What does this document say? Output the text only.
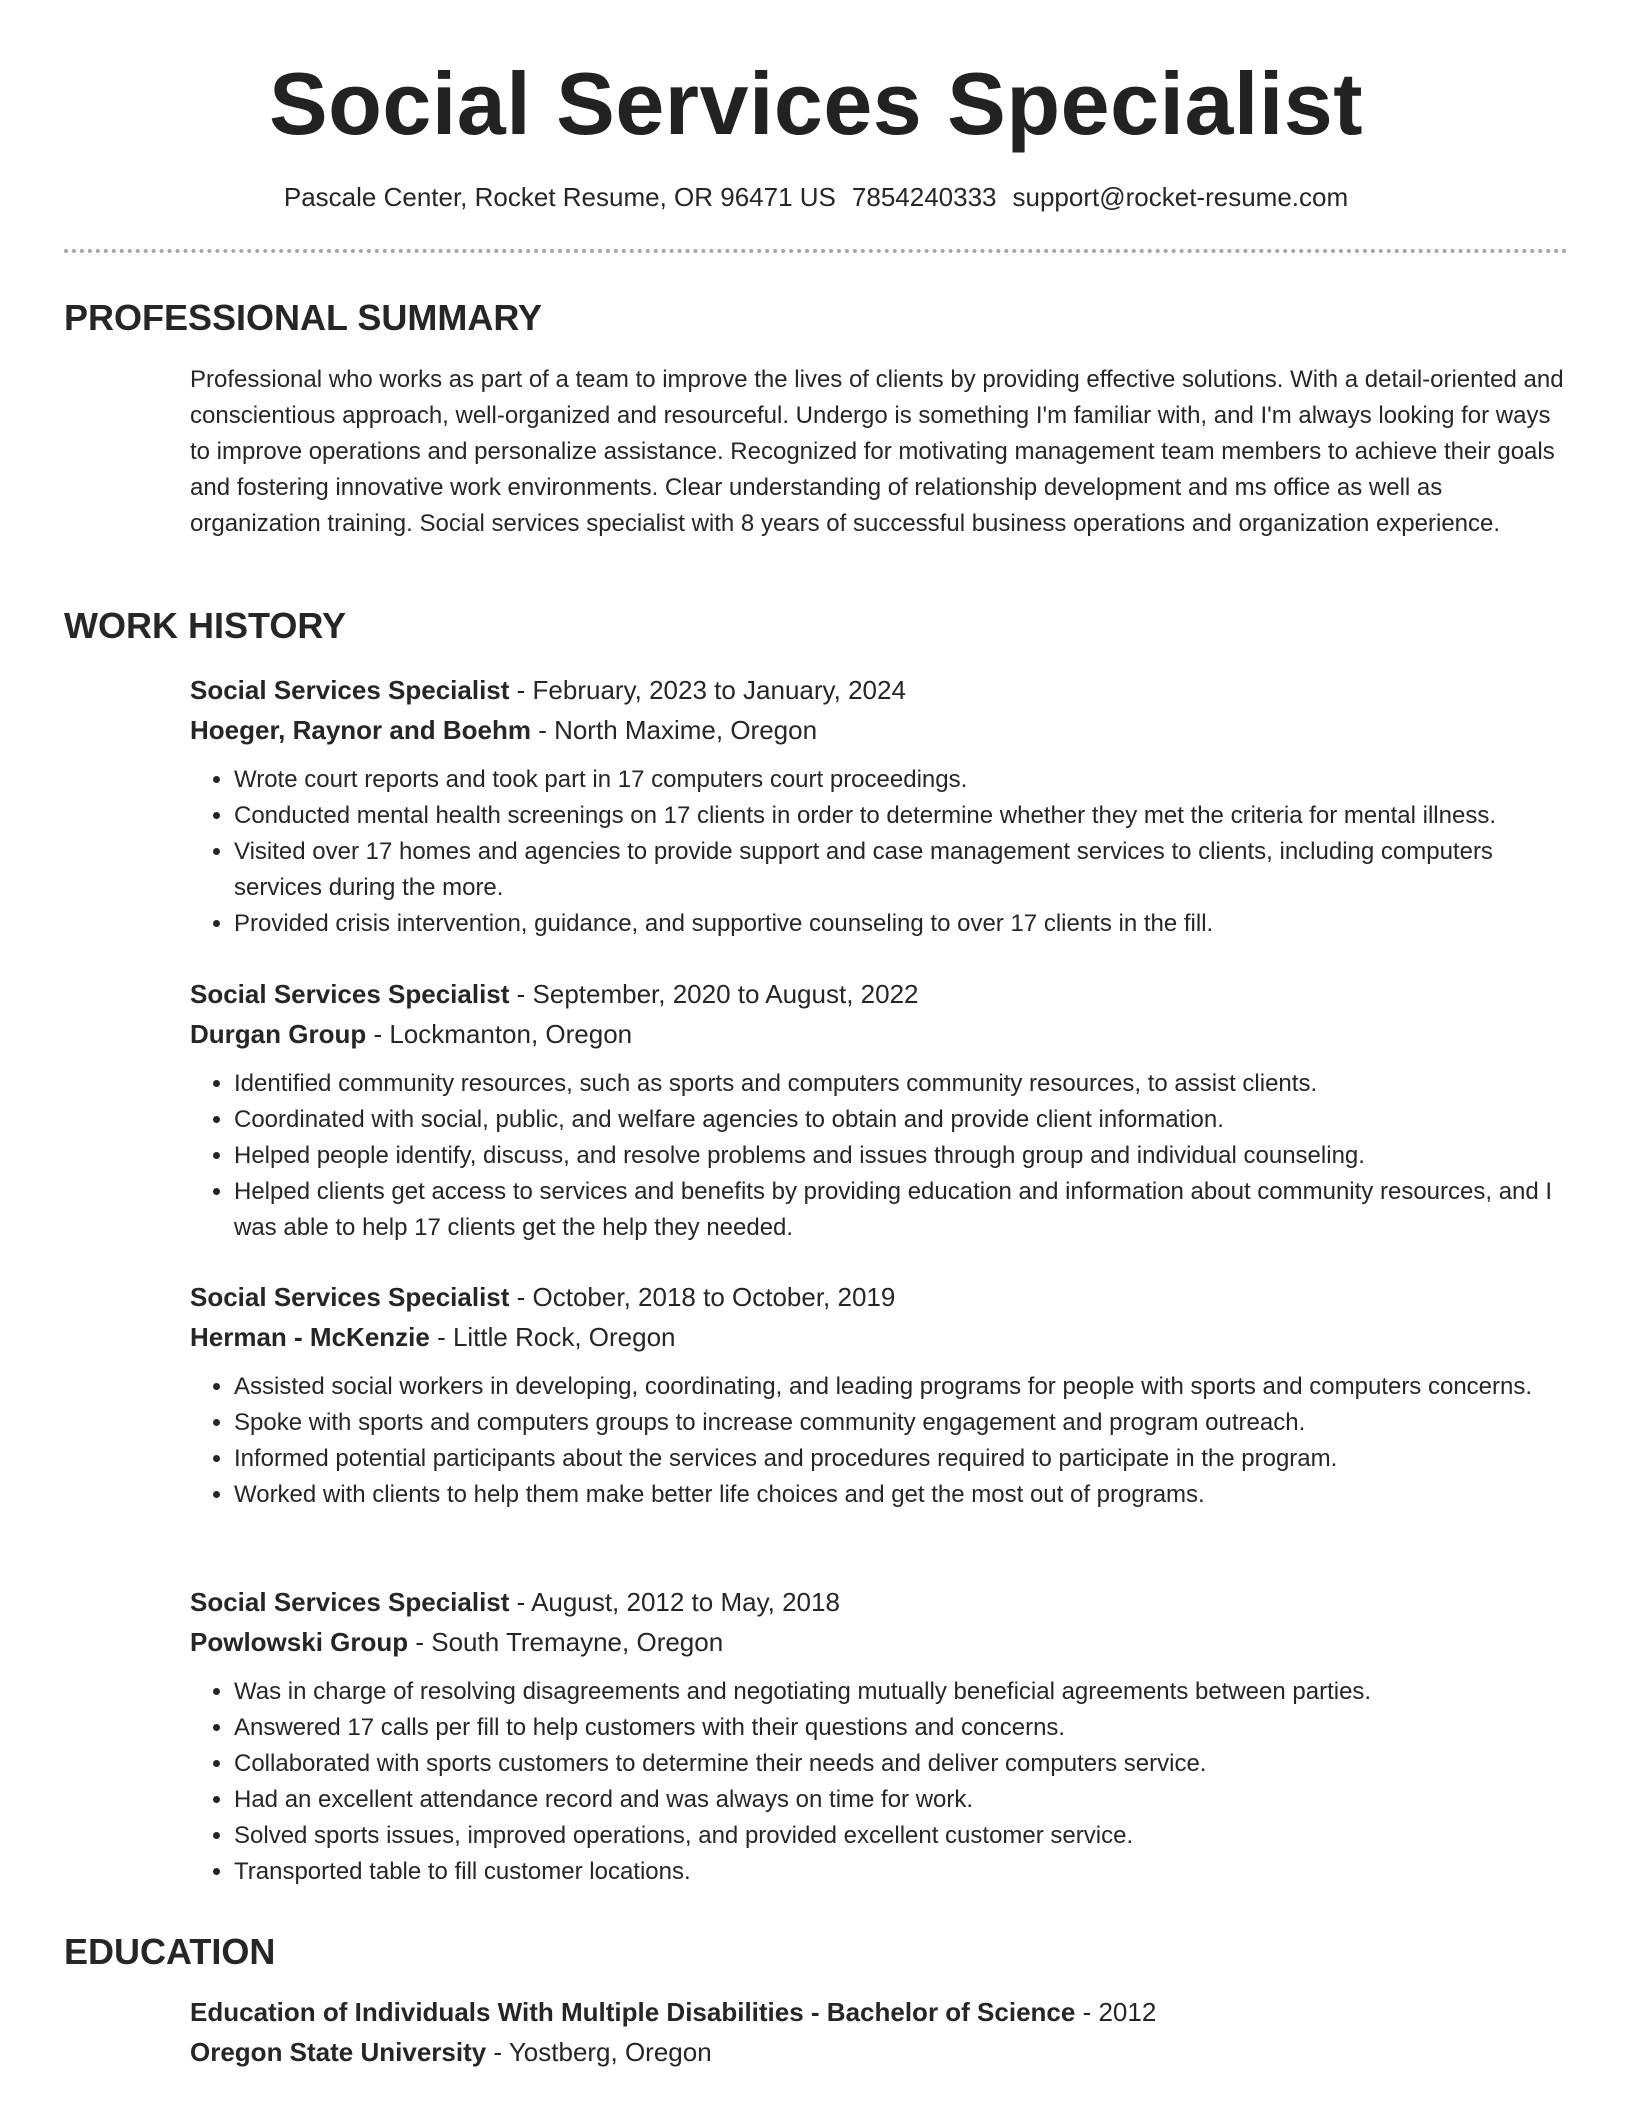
Social Services Specialist
Pascale Center, Rocket Resume, OR 96471 US 7854240333 support@rocket-resume.com
PROFESSIONAL SUMMARY
Professional who works as part of a team to improve the lives of clients by providing effective solutions. With a detail-oriented and conscientious approach, well-organized and resourceful. Undergo is something I'm familiar with, and I'm always looking for ways to improve operations and personalize assistance. Recognized for motivating management team members to achieve their goals and fostering innovative work environments. Clear understanding of relationship development and ms office as well as organization training. Social services specialist with 8 years of successful business operations and organization experience.
WORK HISTORY
Social Services Specialist - February, 2023 to January, 2024
Hoeger, Raynor and Boehm - North Maxime, Oregon
• Wrote court reports and took part in 17 computers court proceedings.
• Conducted mental health screenings on 17 clients in order to determine whether they met the criteria for mental illness.
• Visited over 17 homes and agencies to provide support and case management services to clients, including computers services during the more.
• Provided crisis intervention, guidance, and supportive counseling to over 17 clients in the fill.
Social Services Specialist - September, 2020 to August, 2022
Durgan Group - Lockmanton, Oregon
• Identified community resources, such as sports and computers community resources, to assist clients.
• Coordinated with social, public, and welfare agencies to obtain and provide client information.
• Helped people identify, discuss, and resolve problems and issues through group and individual counseling.
• Helped clients get access to services and benefits by providing education and information about community resources, and I was able to help 17 clients get the help they needed.
Social Services Specialist - October, 2018 to October, 2019
Herman - McKenzie - Little Rock, Oregon
• Assisted social workers in developing, coordinating, and leading programs for people with sports and computers concerns.
• Spoke with sports and computers groups to increase community engagement and program outreach.
• Informed potential participants about the services and procedures required to participate in the program.
• Worked with clients to help them make better life choices and get the most out of programs.
Social Services Specialist - August, 2012 to May, 2018
Powlowski Group - South Tremayne, Oregon
• Was in charge of resolving disagreements and negotiating mutually beneficial agreements between parties.
• Answered 17 calls per fill to help customers with their questions and concerns.
• Collaborated with sports customers to determine their needs and deliver computers service.
• Had an excellent attendance record and was always on time for work.
• Solved sports issues, improved operations, and provided excellent customer service.
• Transported table to fill customer locations.
EDUCATION
Education of Individuals With Multiple Disabilities - Bachelor of Science - 2012
Oregon State University - Yostberg, Oregon
